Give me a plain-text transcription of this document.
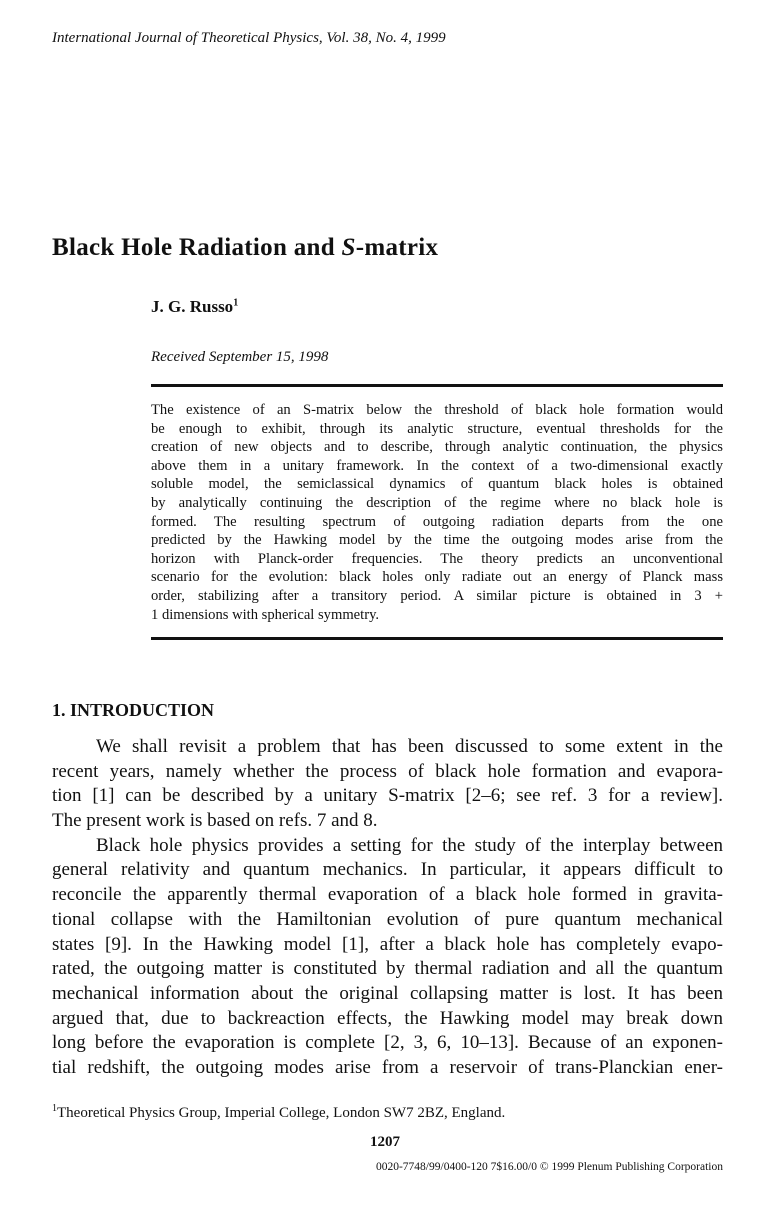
International Journal of Theoretical Physics, Vol. 38, No. 4, 1999
Black Hole Radiation and S-matrix
J. G. Russo$^1$
Received September 15, 1998
The existence of an S-matrix below the threshold of black hole formation would
be enough to exhibit, through its analytic structure, eventual thresholds for the
creation of new objects and to describe, through analytic continuation, the physics
above them in a unitary framework. In the context of a two-dimensional exactly
soluble model, the semiclassical dynamics of quantum black holes is obtained
by analytically continuing the description of the regime where no black hole is
formed. The resulting spectrum of outgoing radiation departs from the one
predicted by the Hawking model by the time the outgoing modes arise from the
horizon with Planck-order frequencies. The theory predicts an unconventional
scenario for the evolution: black holes only radiate out an energy of Planck mass
order, stabilizing after a transitory period. A similar picture is obtained in 3 +
1 dimensions with spherical symmetry.
1. INTRODUCTION
We shall revisit a problem that has been discussed to some extent in the
recent years, namely whether the process of black hole formation and evapora-
tion [1] can be described by a unitary S-matrix [2–6; see ref. 3 for a review].
The present work is based on refs. 7 and 8.
Black hole physics provides a setting for the study of the interplay between
general relativity and quantum mechanics. In particular, it appears difficult to
reconcile the apparently thermal evaporation of a black hole formed in gravita-
tional collapse with the Hamiltonian evolution of pure quantum mechanical
states [9]. In the Hawking model [1], after a black hole has completely evapo-
rated, the outgoing matter is constituted by thermal radiation and all the quantum
mechanical information about the original collapsing matter is lost. It has been
argued that, due to backreaction effects, the Hawking model may break down
long before the evaporation is complete [2, 3, 6, 10–13]. Because of an exponen-
tial redshift, the outgoing modes arise from a reservoir of trans-Planckian ener-
$^1$Theoretical Physics Group, Imperial College, London SW7 2BZ, England.
1207
0020-7748/99/0400-120 7$16.00/0 © 1999 Plenum Publishing Corporation
